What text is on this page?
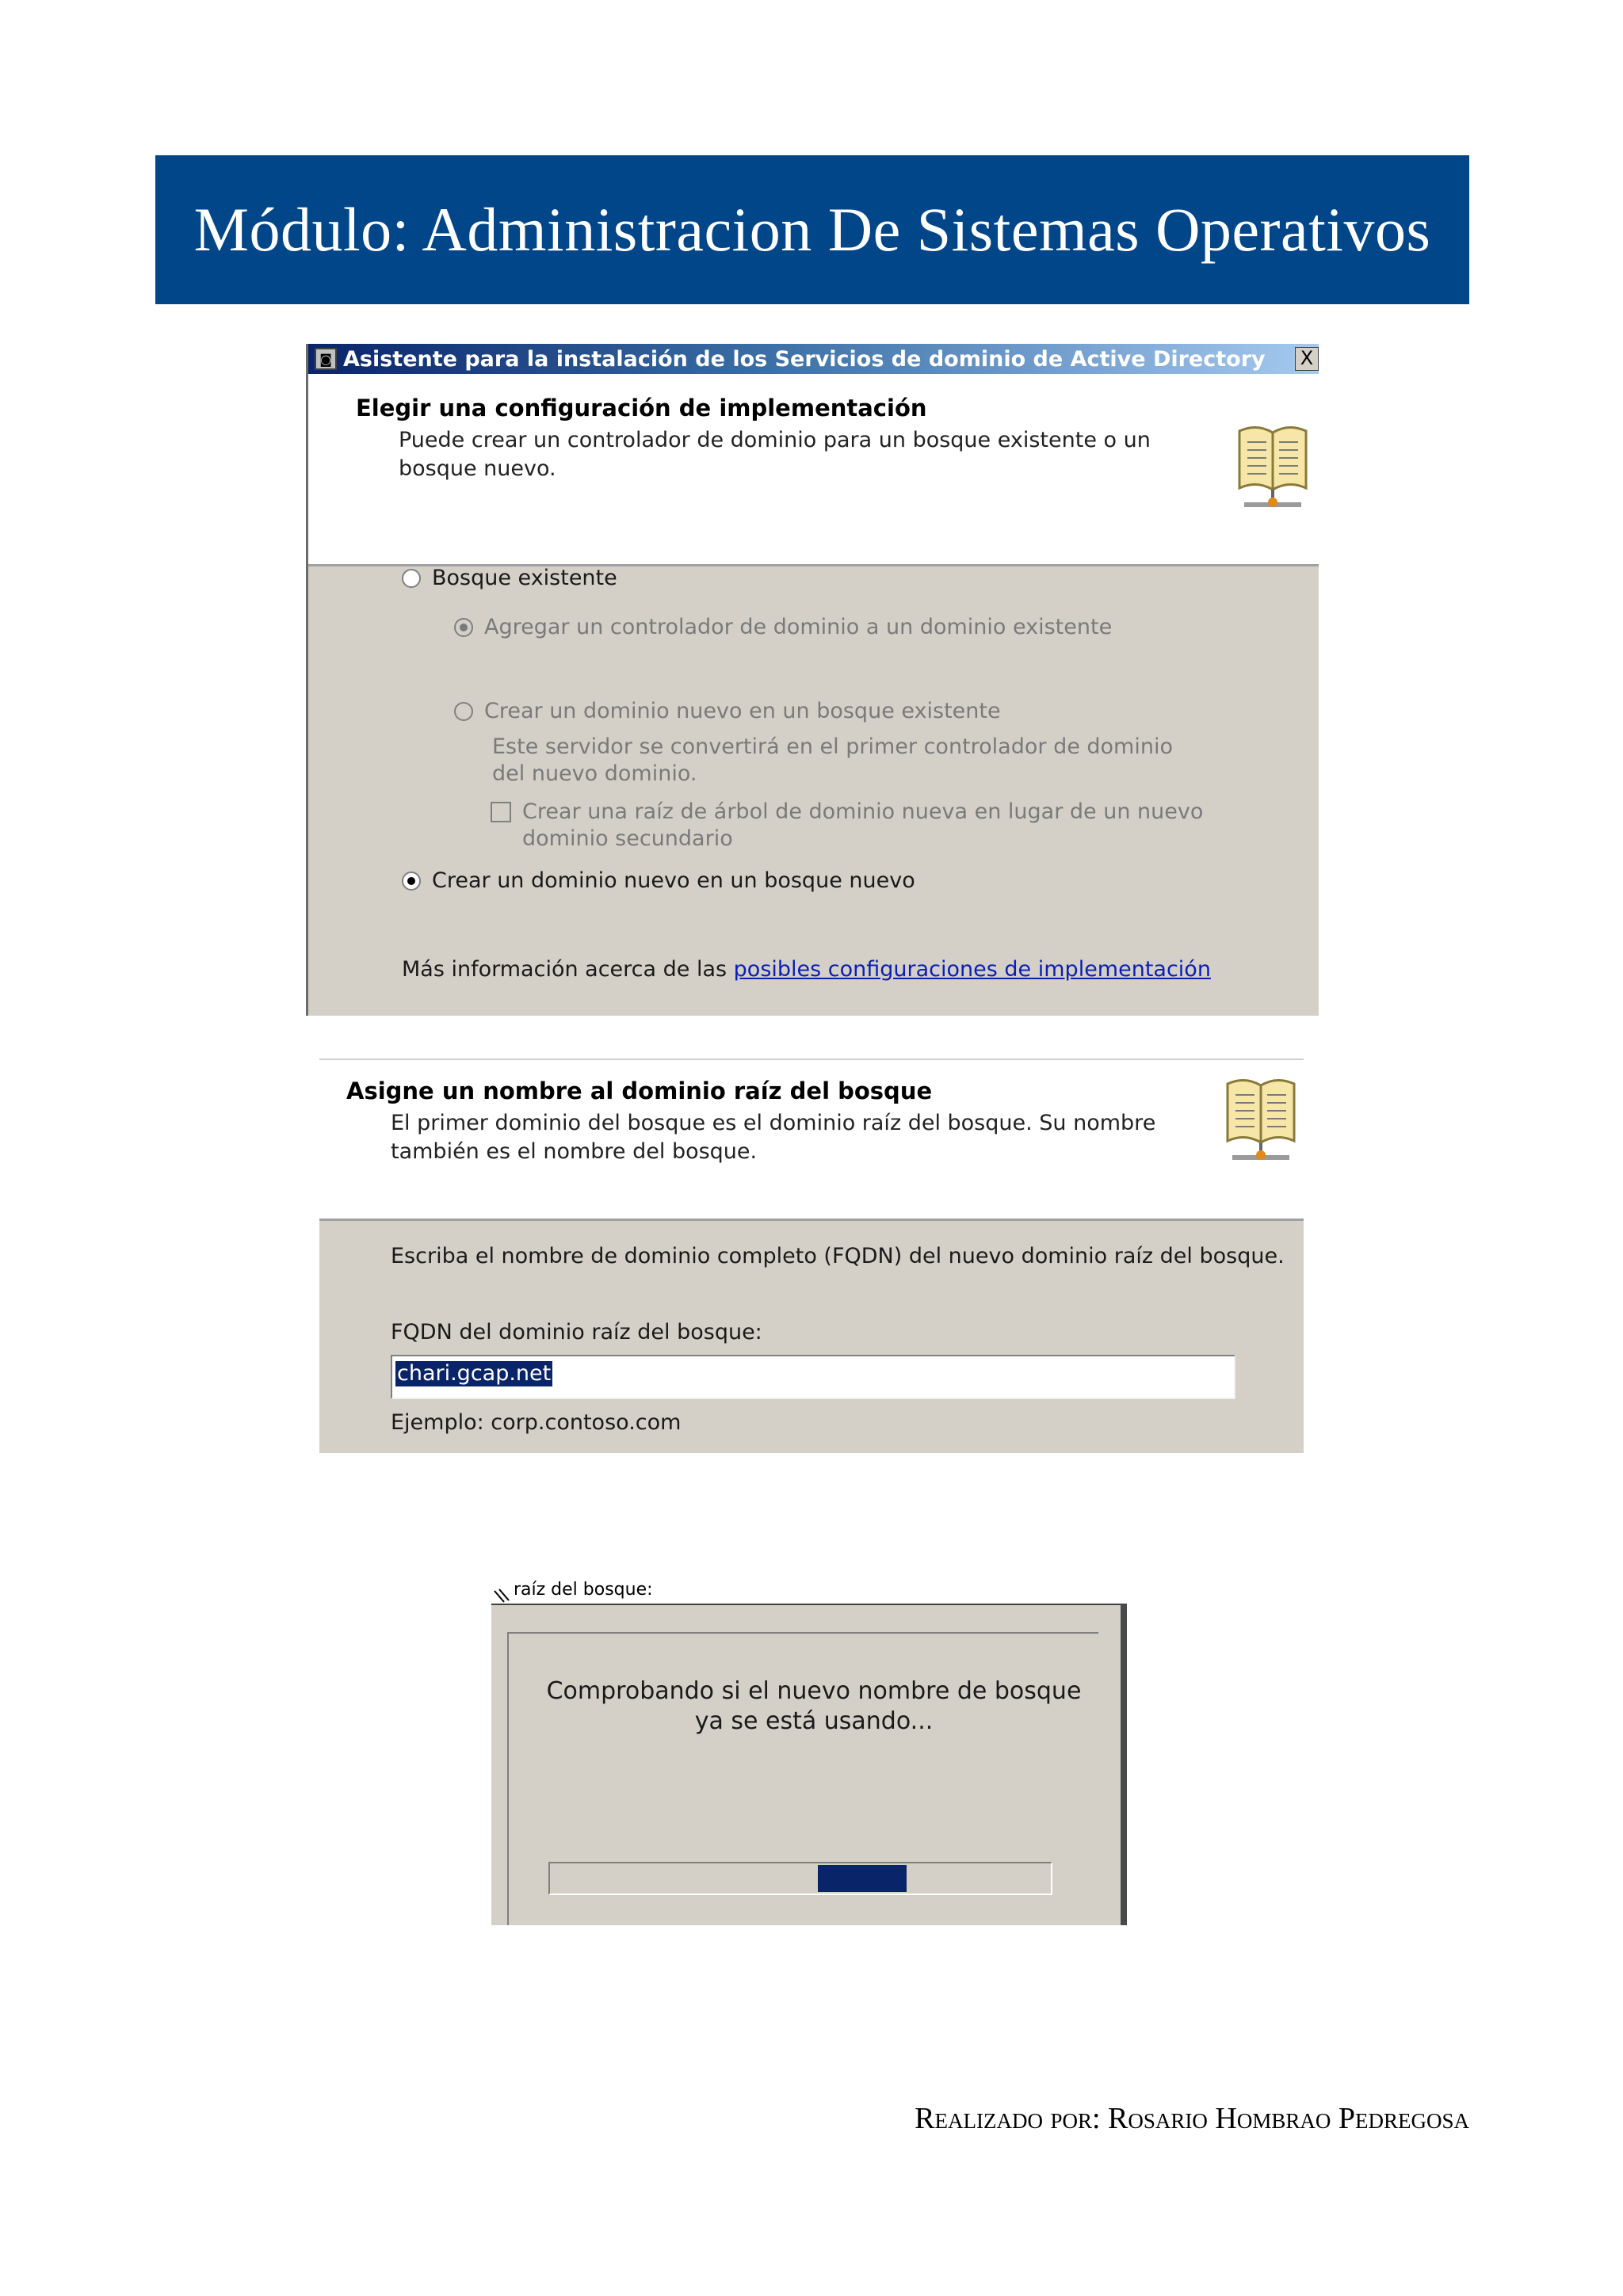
Módulo: Administracion De Sistemas Operativos
◙ Asistente para la instalación de los Servicios de dominio de Active Directory X
Elegir una configuración de implementación
Puede crear un controlador de dominio para un bosque existente o un bosque nuevo.
Bosque existente
Agregar un controlador de dominio a un dominio existente
Crear un dominio nuevo en un bosque existente
Este servidor se convertirá en el primer controlador de dominio del nuevo dominio.
Crear una raíz de árbol de dominio nueva en lugar de un nuevo dominio secundario
Crear un dominio nuevo en un bosque nuevo
Más información acerca de las posibles configuraciones de implementación
Asigne un nombre al dominio raíz del bosque
El primer dominio del bosque es el dominio raíz del bosque. Su nombre también es el nombre del bosque.
Escriba el nombre de dominio completo (FQDN) del nuevo dominio raíz del bosque.
FQDN del dominio raíz del bosque:
chari.gcap.net
Ejemplo: corp.contoso.com
raíz del bosque:
Comprobando si el nuevo nombre de bosque ya se está usando...
Realizado por: Rosario Hombrao Pedregosa
